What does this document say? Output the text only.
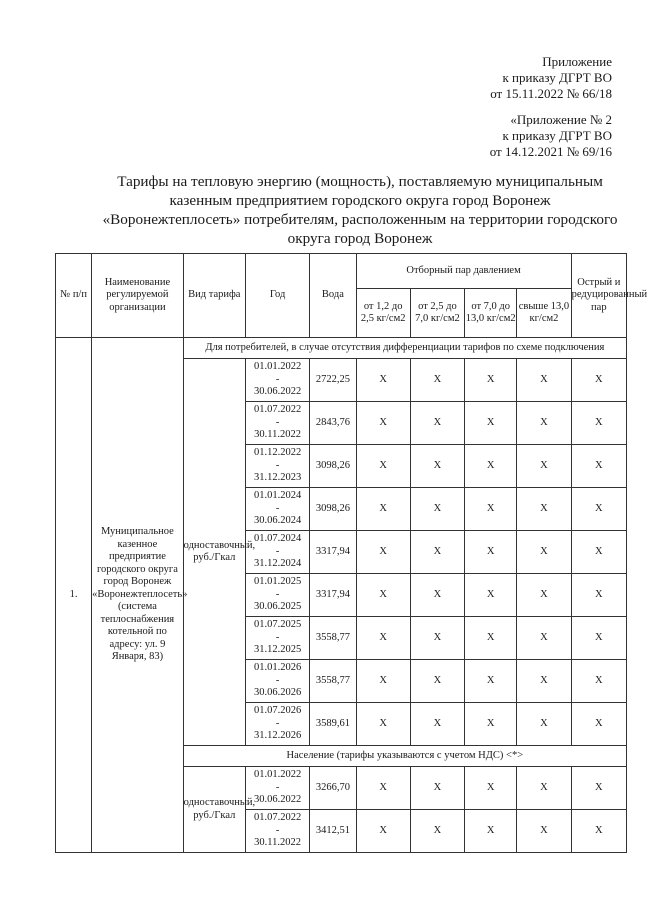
Приложение
к приказу ДГРТ ВО
от 15.11.2022 № 66/18
«Приложение № 2
к приказу ДГРТ ВО
от 14.12.2021 № 69/16
Тарифы на тепловую энергию (мощность), поставляемую муниципальным
казенным предприятием городского округа город Воронеж
«Воронежтеплосеть» потребителям, расположенным на территории городского
округа город Воронеж
№ п/п	Наименование регулируемой организации	Вид тарифа	Год	Вода	Отборный пар давлением				Острый и редуцированный пар
					от 1,2 до 2,5 кг/см2	от 2,5 до 7,0 кг/см2	от 7,0 до 13,0 кг/см2	свыше 13,0 кг/см2	
1.	Муниципальное казенное предприятие городского округа город Воронеж «Воронежтеплосеть» (система теплоснабжения котельной по адресу: ул. 9 Января, 83)	Для потребителей, в случае отсутствия дифференциации тарифов по схеме подключения							
		одноставочный, руб./Гкал	01.01.2022
-
30.06.2022	2722,25	X	X	X	X	X

			01.07.2022
-
30.11.2022	2843,76	X	X	X	X	X

			01.12.2022
-
31.12.2023	3098,26	X	X	X	X	X

			01.01.2024
-
30.06.2024	3098,26	X	X	X	X	X

			01.07.2024
-
31.12.2024	3317,94	X	X	X	X	X

			01.01.2025
-
30.06.2025	3317,94	X	X	X	X	X

			01.07.2025
-
31.12.2025	3558,77	X	X	X	X	X

			01.01.2026
-
30.06.2026	3558,77	X	X	X	X	X

			01.07.2026
-
31.12.2026	3589,61	X	X	X	X	X
		Население (тарифы указываются с учетом НДС) <*>							
		одноставочный, руб./Гкал	01.01.2022
-
30.06.2022	3266,70	X	X	X	X	X

			01.07.2022
-
30.11.2022	3412,51	X	X	X	X	X
